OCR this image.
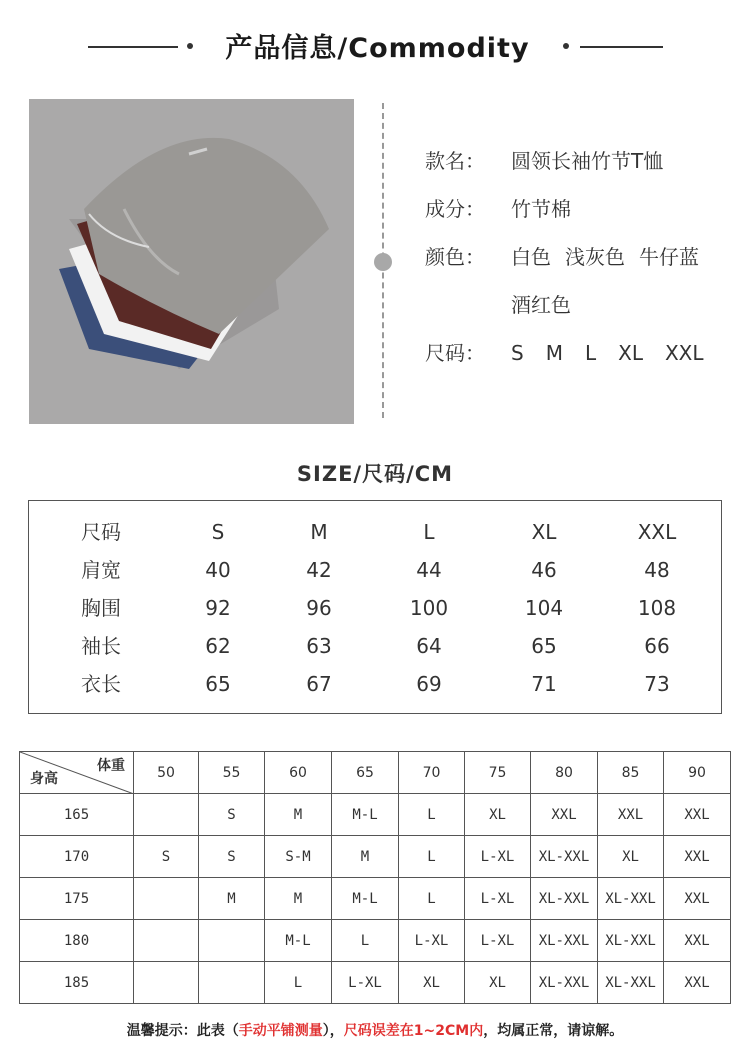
产品信息/Commodity
款名：	圆领长袖竹节T恤
成分：	竹节棉
颜色：	白色 浅灰色 牛仔蓝
酒红色
尺码：	S M L XL XXL
SIZE/尺码/CM
尺码	S	M	L	XL	XXL
肩宽	40	42	44	46	48
胸围	92	96	100	104	108
袖长	62	63	64	65	66
衣长	65	67	69	71	73
体重
身高	50	55	60	65	70	75	80	85	90
165		S	M	M-L	L	XL	XXL	XXL	XXL
170	S	S	S-M	M	L	L-XL	XL-XXL	XL	XXL
175		M	M	M-L	L	L-XL	XL-XXL	XL-XXL	XXL
180			M-L	L	L-XL	L-XL	XL-XXL	XL-XXL	XXL
185			L	L-XL	XL	XL	XL-XXL	XL-XXL	XXL
温馨提示：此表（手动平铺测量），尺码误差在1~2CM内，均属正常，请谅解。
